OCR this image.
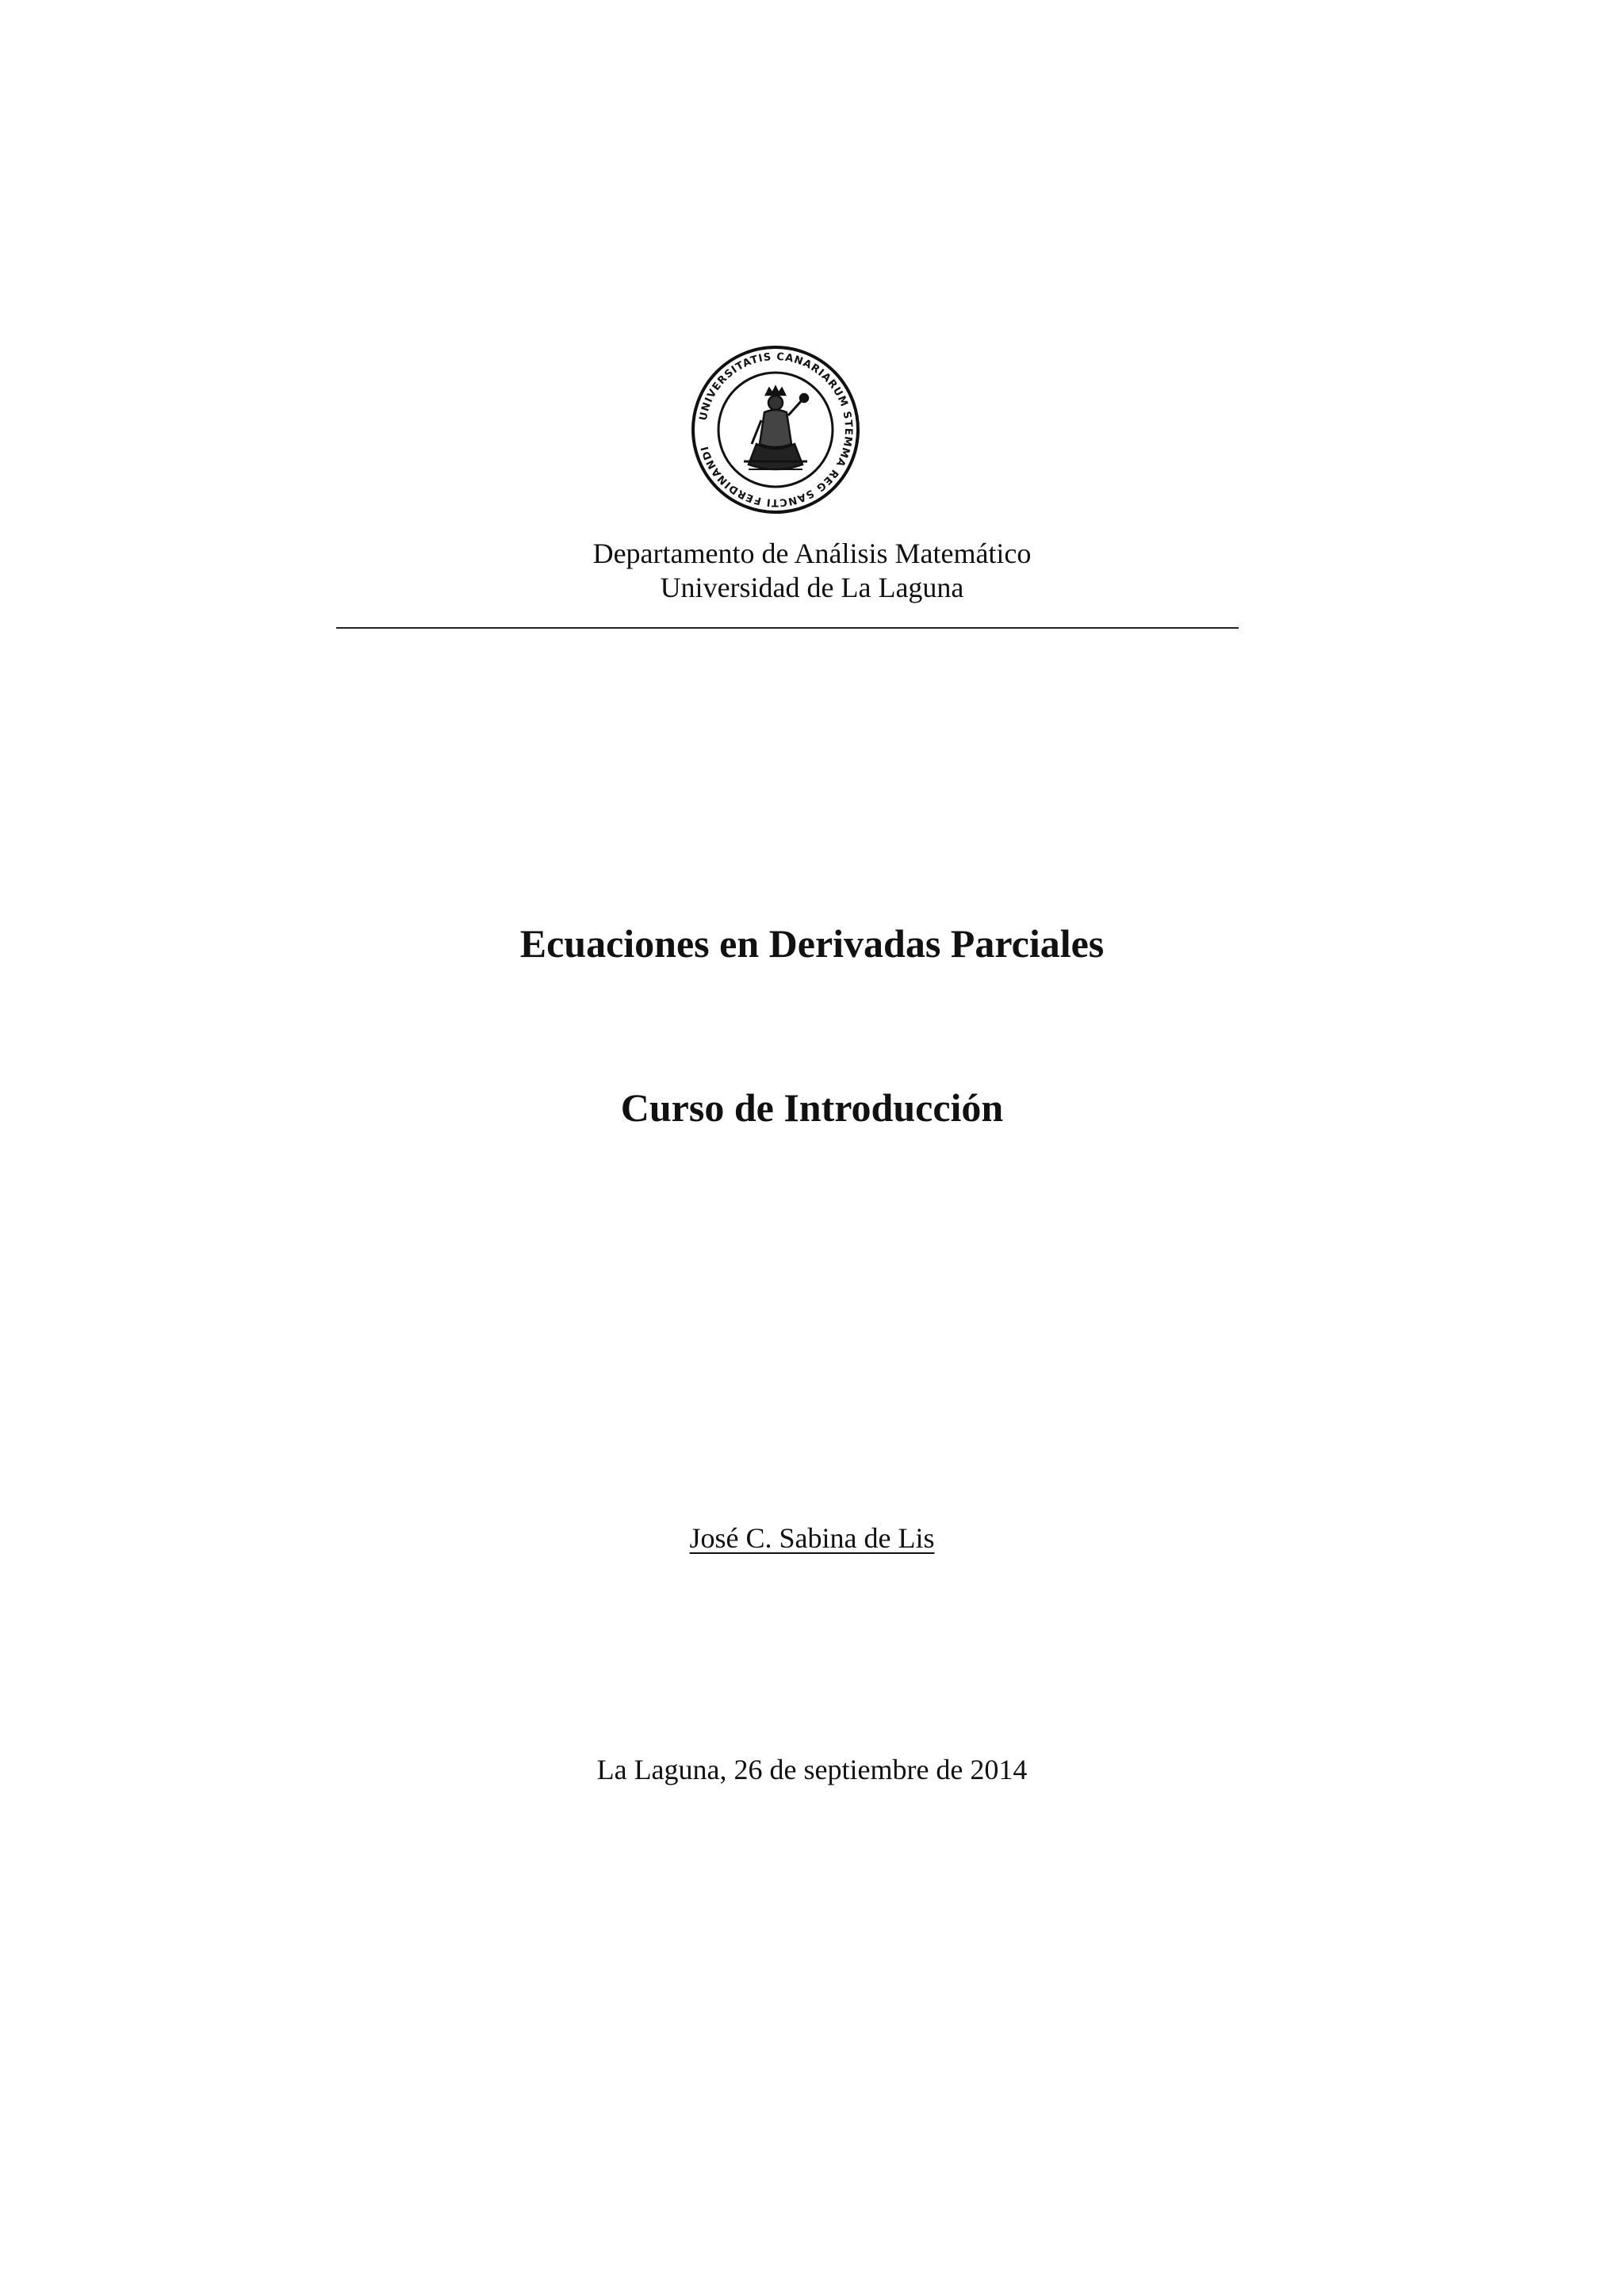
UNIVERSITATIS CANARIARUM STEMMA REG SANCTI FERDINANDI
Departamento de Análisis Matemático
Universidad de La Laguna
Ecuaciones en Derivadas Parciales
Curso de Introducción
José C. Sabina de Lis
La Laguna, 26 de septiembre de 2014
